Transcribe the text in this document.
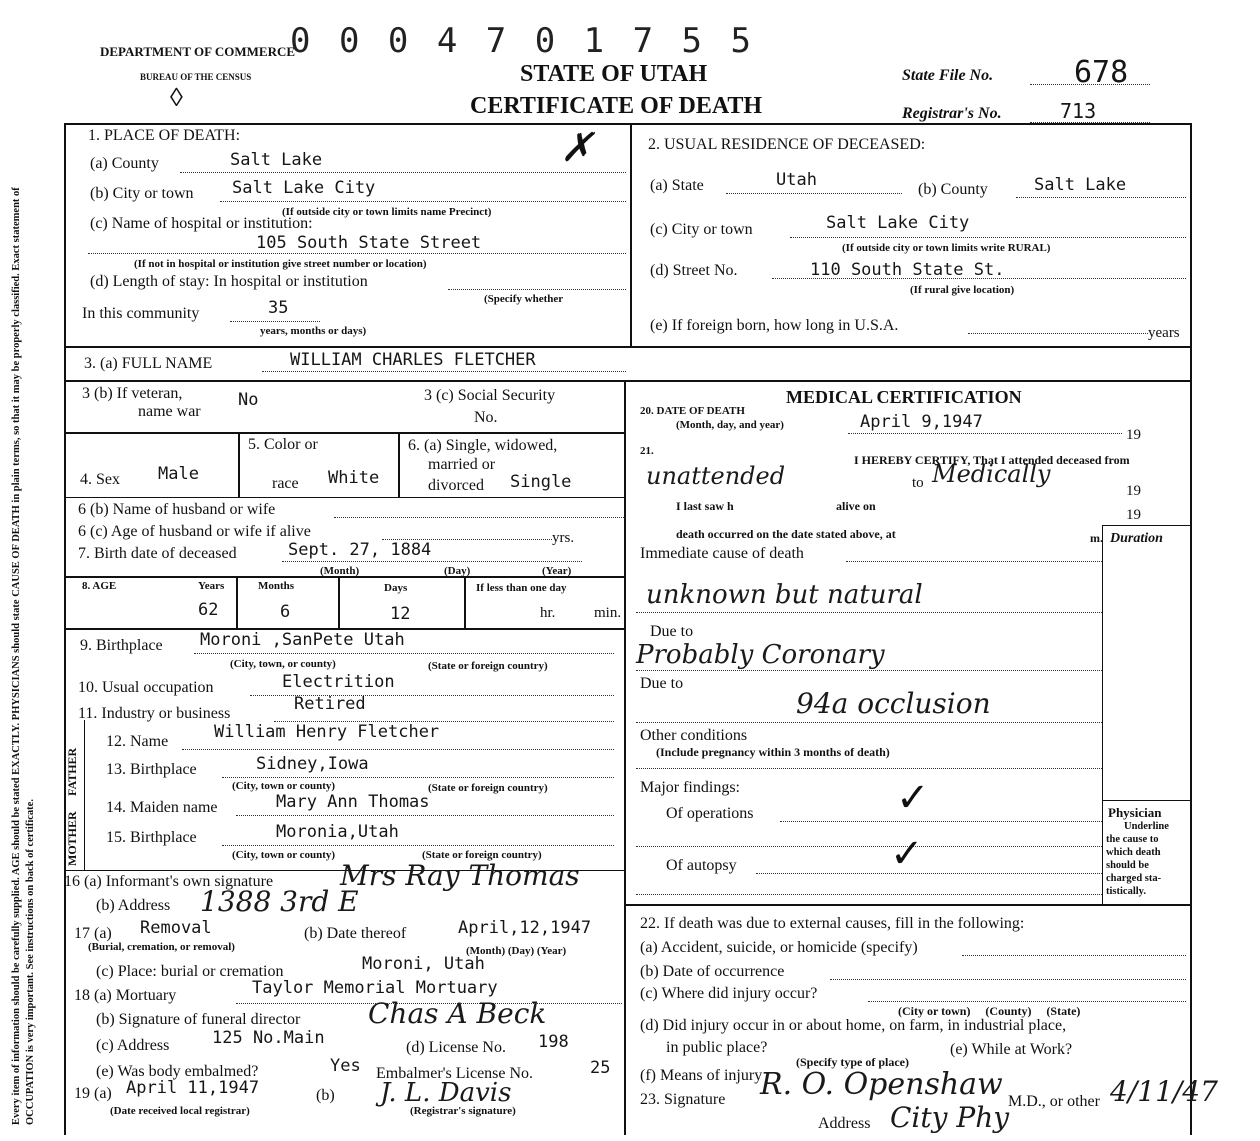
Every item of information should be carefully supplied. AGE should be stated EXACTLY. PHYSICIANS should state CAUSE OF DEATH in plain terms, so that it may be properly classified. Exact statement of OCCUPATION is very important. See instructions on back of certificate.
DEPARTMENT OF COMMERCE
BUREAU OF THE CENSUS
◊
0 0 0 4 7 0 1 7 5 5
STATE OF UTAH
CERTIFICATE OF DEATH
State File No.	678
Registrar's No.	713
1. PLACE OF DEATH:
(a) County	Salt Lake	✗
(b) City or town Salt Lake City
(If outside city or town limits name Precinct)
(c) Name of hospital or institution:
105 South State Street
(If not in hospital or institution give street number or location)
(d) Length of stay: In hospital or institution
(Specify whether
In this community	35
years, months or days)
2. USUAL RESIDENCE OF DECEASED:
(a) State	Utah	(b) County	Salt Lake
(c) City or town	Salt Lake City
(If outside city or town limits write RURAL)
(d) Street No.	110 South State St.
(If rural give location)
(e) If foreign born, how long in U.S.A.	years
3. (a) FULL NAME	WILLIAM CHARLES FLETCHER
3 (b) If veteran,
name war
No	3 (c) Social Security
No.
4. Sex Male
5. Color or
race White
6. (a) Single, widowed,
married or
divorced Single
6 (b) Name of husband or wife
6 (c) Age of husband or wife if alive	yrs.
7. Birth date of deceased	Sept. 27, 1884
(Month)	(Day)	(Year)
8. AGE	Years	Months	Days	If less than one day
62	6	12	hr.	min.
9. Birthplace Moroni ,SanPete Utah
(City, town, or county)	(State or foreign country)
10. Usual occupation	Electrition
11. Industry or business	Retired
FATHER
MOTHER
12. Name	William Henry Fletcher
13. Birthplace	Sidney,Iowa
(City, town or county)	(State or foreign country)
14. Maiden name	Mary Ann Thomas
15. Birthplace	Moronia,Utah
(City, town or county)	(State or foreign country)
16 (a) Informant's own signature Mrs Ray Thomas
(b) Address 1388 3rd E
17 (a) Removal
(Burial, cremation, or removal)
(b) Date thereof	April,12,1947
(Month) (Day) (Year)
(c) Place: burial or cremation	Moroni, Utah
18 (a) Mortuary	Taylor Memorial Mortuary
(b) Signature of funeral director Chas A Beck
(c) Address	125 No.Main	(d) License No. 198
(e) Was body embalmed?	Yes Embalmer's License No.	25
19 (a) April 11,1947
(Date received local registrar)
(b)
(Registrar's signature)
J. L. Davis
MEDICAL CERTIFICATION
20. DATE OF DEATH
(Month, day, and year)	April 9,1947
19
21.
I HEREBY CERTIFY, That I attended deceased from
unattended	to Medically
19
I last saw h	alive on
19
death occurred on the date stated above, at	m. Duration
Immediate cause of death
unknown but natural
Due to
Probably Coronary
Due to
94a occlusion
Other conditions
(Include pregnancy within 3 months of death)
Major findings:
Of operations	✓
Of autopsy	✓
Physician
Underline
the cause to
which death
should be
charged sta-
tistically.
22. If death was due to external causes, fill in the following:
(a) Accident, suicide, or homicide (specify)
(b) Date of occurrence
(c) Where did injury occur?
(City or town)     (County)     (State)
(d) Did injury occur in or about home, on farm, in industrial place,
in public place?
(Specify type of place)
(e) While at Work?
(f) Means of injury
23. Signature R. O. Openshaw M.D., or other 4/11/47
Address City Phy
